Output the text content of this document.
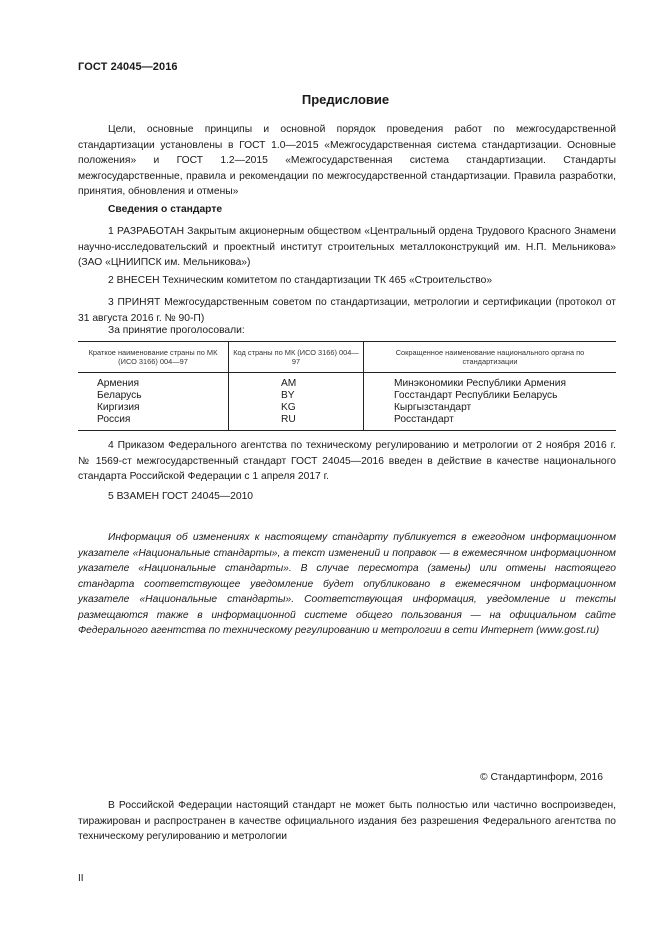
ГОСТ 24045—2016
Предисловие
Цели, основные принципы и основной порядок проведения работ по межгосударственной стандартизации установлены в ГОСТ 1.0—2015 «Межгосударственная система стандартизации. Основные положения» и ГОСТ 1.2—2015 «Межгосударственная система стандартизации. Стандарты межгосударственные, правила и рекомендации по межгосударственной стандартизации. Правила разработки, принятия, обновления и отмены»
Сведения о стандарте
1 РАЗРАБОТАН Закрытым акционерным обществом «Центральный ордена Трудового Красного Знамени научно-исследовательский и проектный институт строительных металлоконструкций им. Н.П. Мельникова» (ЗАО «ЦНИИПСК им. Мельникова»)
2 ВНЕСЕН Техническим комитетом по стандартизации ТК 465 «Строительство»
3 ПРИНЯТ Межгосударственным советом по стандартизации, метрологии и сертификации (протокол от 31 августа 2016 г. № 90-П)
За принятие проголосовали:
Краткое наименование страны по МК (ИСО 3166) 004—97	Код страны по МК (ИСО 3166) 004—97	Сокращенное наименование национального органа по стандартизации
Армения	AM	Минэкономики Республики Армения
Беларусь	BY	Госстандарт Республики Беларусь
Киргизия	KG	Кыргызстандарт
Россия	RU	Росстандарт
4 Приказом Федерального агентства по техническому регулированию и метрологии от 2 ноября 2016 г. № 1569-ст межгосударственный стандарт ГОСТ 24045—2016 введен в действие в качестве национального стандарта Российской Федерации с 1 апреля 2017 г.
5 ВЗАМЕН ГОСТ 24045—2010
Информация об изменениях к настоящему стандарту публикуется в ежегодном информационном указателе «Национальные стандарты», а текст изменений и поправок — в ежемесячном информационном указателе «Национальные стандарты». В случае пересмотра (замены) или отмены настоящего стандарта соответствующее уведомление будет опубликовано в ежемесячном информационном указателе «Национальные стандарты». Соответствующая информация, уведомление и тексты размещаются также в информационной системе общего пользования — на официальном сайте Федерального агентства по техническому регулированию и метрологии в сети Интернет (www.gost.ru)
© Стандартинформ, 2016
В Российской Федерации настоящий стандарт не может быть полностью или частично воспроизведен, тиражирован и распространен в качестве официального издания без разрешения Федерального агентства по техническому регулированию и метрологии
II
